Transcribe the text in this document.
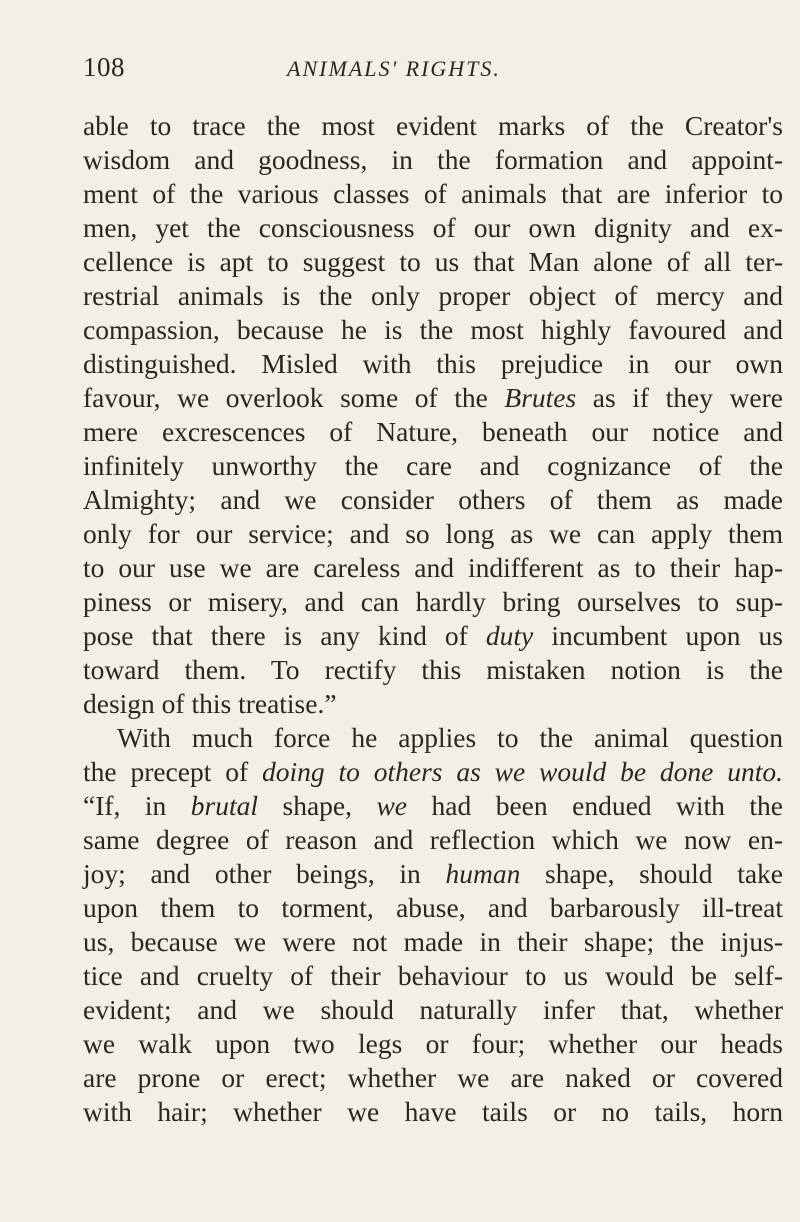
108	ANIMALS' RIGHTS.
able to trace the most evident marks of the Creator's
wisdom and goodness, in the formation and appoint-
ment of the various classes of animals that are inferior to
men, yet the consciousness of our own dignity and ex-
cellence is apt to suggest to us that Man alone of all ter-
restrial animals is the only proper object of mercy and
compassion, because he is the most highly favoured and
distinguished. Misled with this prejudice in our own
favour, we overlook some of the Brutes as if they were
mere excrescences of Nature, beneath our notice and
infinitely unworthy the care and cognizance of the
Almighty; and we consider others of them as made
only for our service; and so long as we can apply them
to our use we are careless and indifferent as to their hap-
piness or misery, and can hardly bring ourselves to sup-
pose that there is any kind of duty incumbent upon us
toward them. To rectify this mistaken notion is the
design of this treatise.”
With much force he applies to the animal question
the precept of doing to others as we would be done unto.
“If, in brutal shape, we had been endued with the
same degree of reason and reflection which we now en-
joy; and other beings, in human shape, should take
upon them to torment, abuse, and barbarously ill-treat
us, because we were not made in their shape; the injus-
tice and cruelty of their behaviour to us would be self-
evident; and we should naturally infer that, whether
we walk upon two legs or four; whether our heads
are prone or erect; whether we are naked or covered
with hair; whether we have tails or no tails, horn
